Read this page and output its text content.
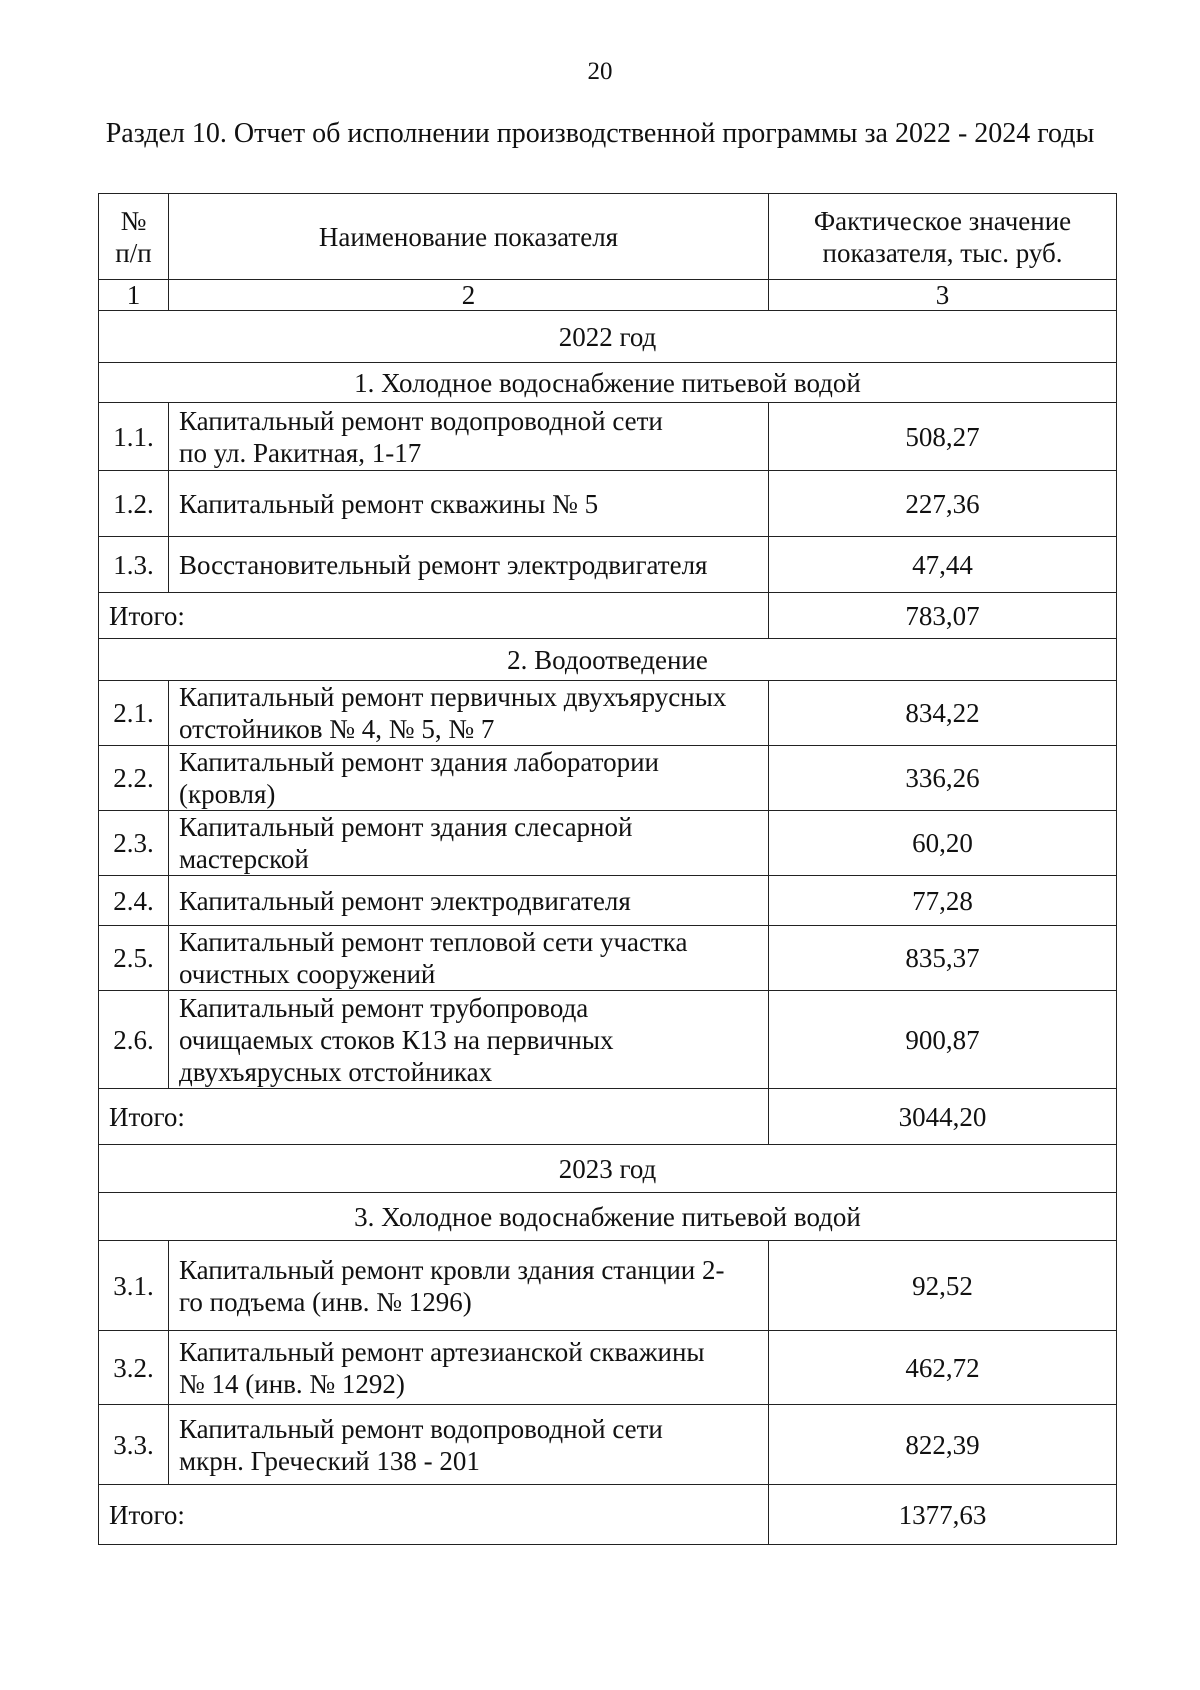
20
Раздел 10. Отчет об исполнении производственной программы за 2022 - 2024 годы
№
п/п	Наименование показателя	Фактическое значение
показателя, тыс. руб.
1	2	3
2022 год		
1. Холодное водоснабжение питьевой водой		
1.1.	Капитальный ремонт водопроводной сети
по ул. Ракитная, 1-17	508,27
1.2.	Капитальный ремонт скважины № 5	227,36
1.3.	Восстановительный ремонт электродвигателя	47,44
Итого:		783,07
2. Водоотведение		
2.1.	Капитальный ремонт первичных двухъярусных
отстойников № 4, № 5, № 7	834,22
2.2.	Капитальный ремонт здания лаборатории
(кровля)	336,26
2.3.	Капитальный ремонт здания слесарной
мастерской	60,20
2.4.	Капитальный ремонт электродвигателя	77,28
2.5.	Капитальный ремонт тепловой сети участка
очистных сооружений	835,37
2.6.	Капитальный ремонт трубопровода
очищаемых стоков К13 на первичных
двухъярусных отстойниках	900,87
Итого:		3044,20
2023 год		
3. Холодное водоснабжение питьевой водой		
3.1.	Капитальный ремонт кровли здания станции 2-
го подъема (инв. № 1296)	92,52
3.2.	Капитальный ремонт артезианской скважины
№ 14 (инв. № 1292)	462,72
3.3.	Капитальный ремонт водопроводной сети
мкрн. Греческий 138 - 201	822,39
Итого:		1377,63
